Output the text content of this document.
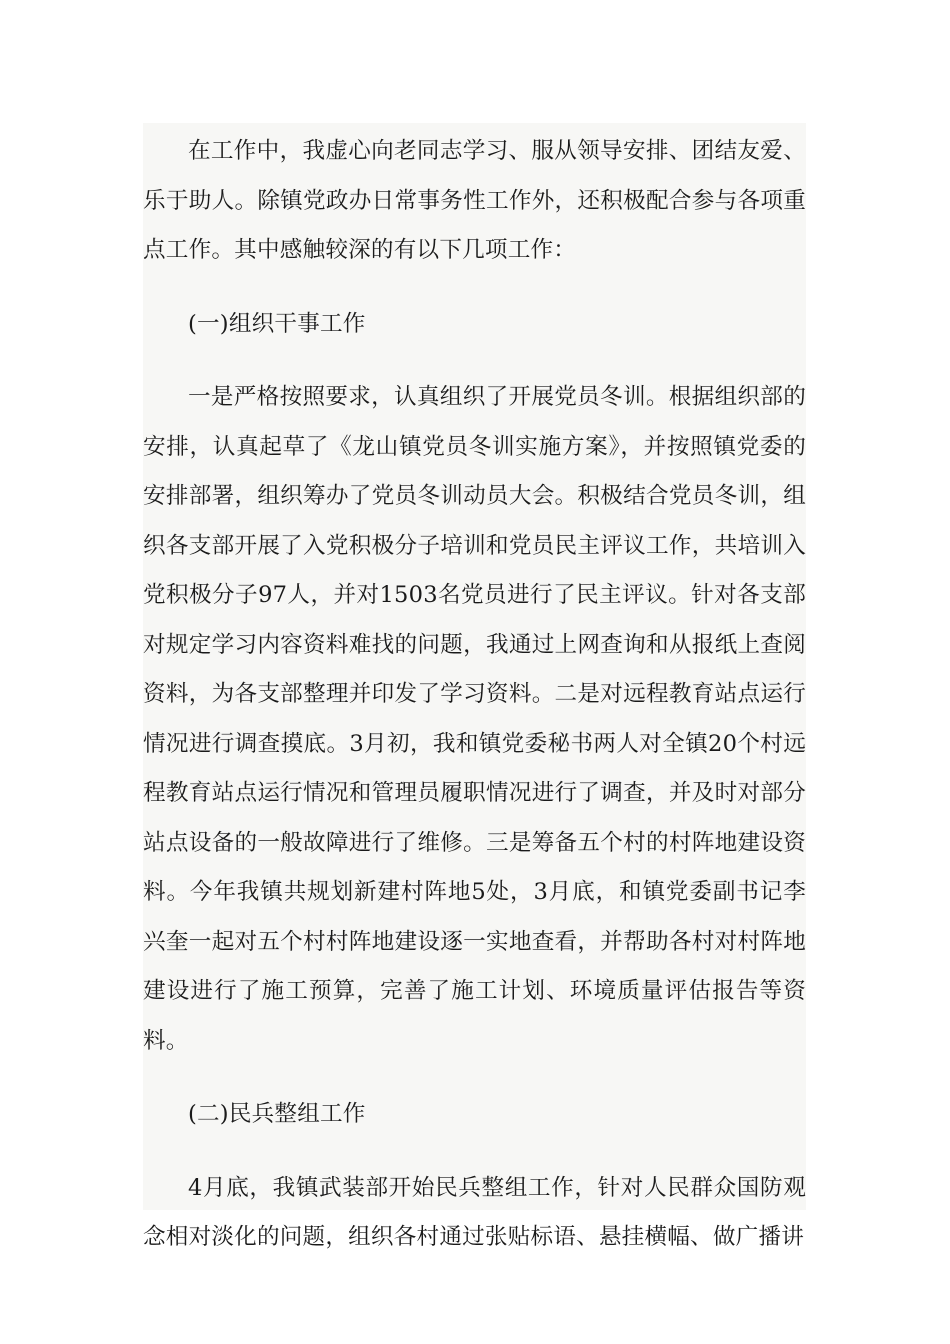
在工作中，我虚心向老同志学习、服从领导安排、团结友爱、乐于助人。除镇党政办日常事务性工作外，还积极配合参与各项重点工作。其中感触较深的有以下几项工作：

(一)组织干事工作

一是严格按照要求，认真组织了开展党员冬训。根据组织部的安排，认真起草了《龙山镇党员冬训实施方案》，并按照镇党委的安排部署，组织筹办了党员冬训动员大会。积极结合党员冬训，组织各支部开展了入党积极分子培训和党员民主评议工作，共培训入党积极分子97人，并对1503名党员进行了民主评议。针对各支部对规定学习内容资料难找的问题，我通过上网查询和从报纸上查阅资料，为各支部整理并印发了学习资料。二是对远程教育站点运行情况进行调查摸底。3月初，我和镇党委秘书两人对全镇20个村远程教育站点运行情况和管理员履职情况进行了调查，并及时对部分站点设备的一般故障进行了维修。三是筹备五个村的村阵地建设资料。今年我镇共规划新建村阵地5处，3月底，和镇党委副书记李兴奎一起对五个村村阵地建设逐一实地查看，并帮助各村对村阵地建设进行了施工预算，完善了施工计划、环境质量评估报告等资料。

(二)民兵整组工作

4月底，我镇武装部开始民兵整组工作，针对人民群众国防观念相对淡化的问题，组织各村通过张贴标语、悬挂横幅、做广播讲
